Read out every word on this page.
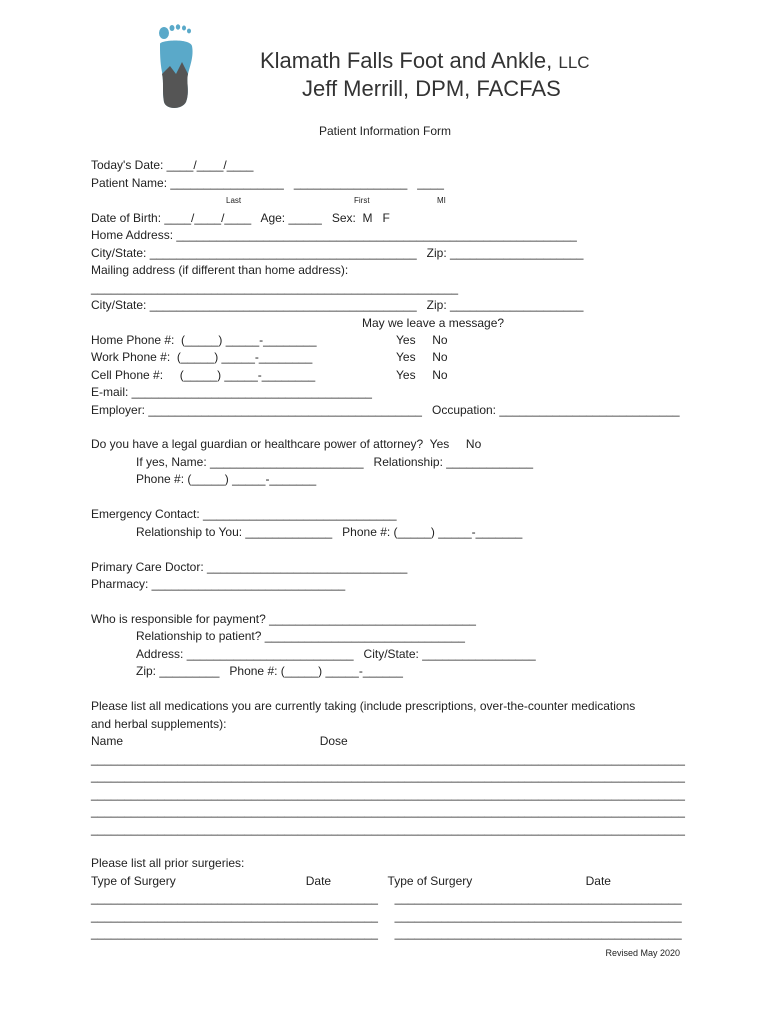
Klamath Falls Foot and Ankle, LLC
Jeff Merrill, DPM, FACFAS
Patient Information Form
Today's Date: ____/____/____
Patient Name: _________________   _________________   ____
Last	First	MI
Date of Birth: ____/____/____   Age: _____   Sex:  M   F
Home Address: ____________________________________________________________
City/State: ________________________________________   Zip: ____________________
Mailing address (if different than home address):
_______________________________________________________
City/State: ________________________________________   Zip: ____________________
May we leave a message?
Home Phone #:  (_____) _____-________	Yes     No
Work Phone #:  (_____) _____-________	Yes     No
Cell Phone #:     (_____) _____-________	Yes     No
E-mail: ____________________________________
Employer: _________________________________________   Occupation: ___________________________
Do you have a legal guardian or healthcare power of attorney?  Yes     No
If yes, Name: _______________________   Relationship: _____________
Phone #: (_____) _____-_______
Emergency Contact: _____________________________
Relationship to You: _____________   Phone #: (_____) _____-_______
Primary Care Doctor: ______________________________
Pharmacy: _____________________________
Who is responsible for payment? _______________________________
Relationship to patient? ______________________________
Address: _________________________   City/State: _________________
Zip: _________   Phone #: (_____) _____-______
Please list all medications you are currently taking (include prescriptions, over-the-counter medications
and herbal supplements):
Name                                                           Dose
_________________________________________________________________________________________
_________________________________________________________________________________________
_________________________________________________________________________________________
_________________________________________________________________________________________
_________________________________________________________________________________________
Please list all prior surgeries:
Type of Surgery                                       Date                 Type of Surgery                                  Date
___________________________________________     ___________________________________________
___________________________________________     ___________________________________________
___________________________________________     ___________________________________________
Revised May 2020
